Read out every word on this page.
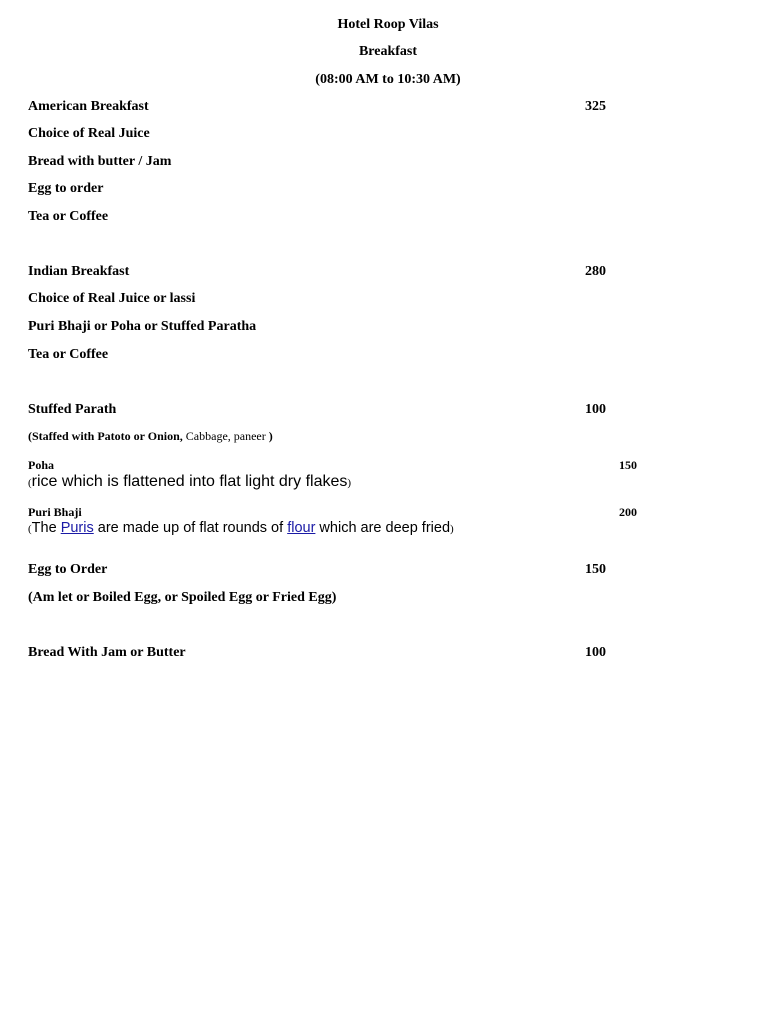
Hotel Roop Vilas
Breakfast
(08:00 AM to 10:30 AM)
American Breakfast	325
Choice of Real Juice
Bread with butter / Jam
Egg to order
Tea or Coffee
Indian Breakfast	280
Choice of Real Juice or lassi
Puri Bhaji or Poha or Stuffed Paratha
Tea or Coffee
Stuffed Parath	100
(Staffed with Patoto or Onion, Cabbage, paneer )
Poha	150
(rice which is flattened into flat light dry flakes)
Puri Bhaji	200
(The Puris are made up of flat rounds of flour which are deep fried)
Egg to Order	150
(Am let or Boiled Egg, or Spoiled Egg or Fried Egg)
Bread With Jam or Butter	100
